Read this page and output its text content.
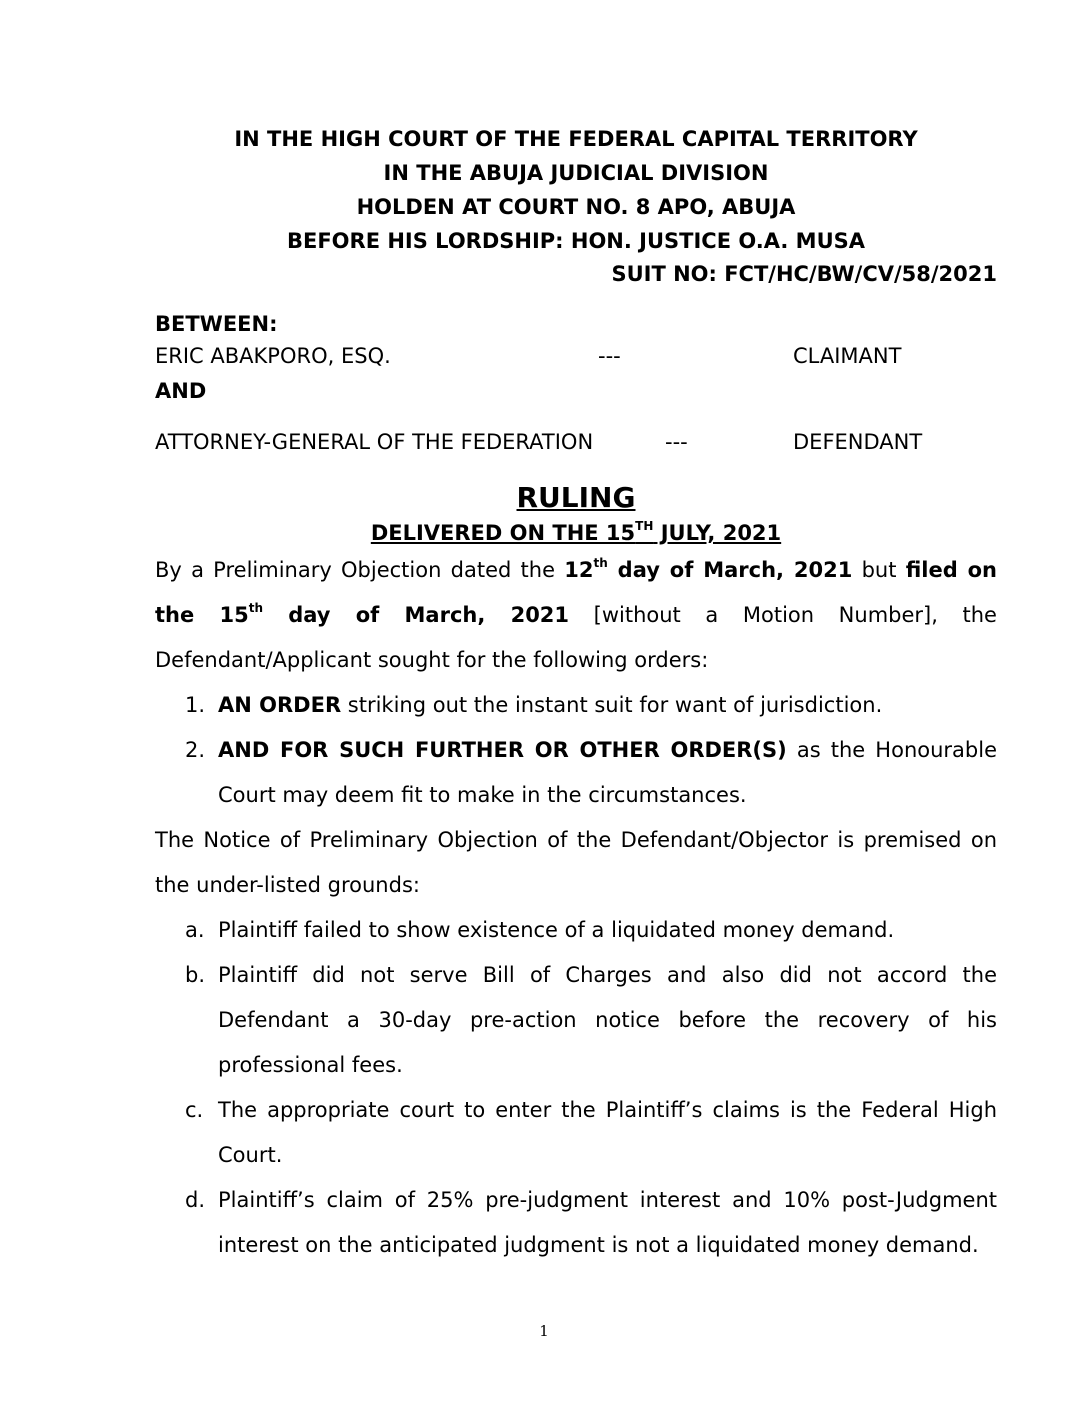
IN THE HIGH COURT OF THE FEDERAL CAPITAL TERRITORY
IN THE ABUJA JUDICIAL DIVISION
HOLDEN AT COURT NO. 8 APO, ABUJA
BEFORE HIS LORDSHIP: HON. JUSTICE O.A. MUSA
SUIT NO: FCT/HC/BW/CV/58/2021
BETWEEN:
ERIC ABAKPORO, ESQ.	---	CLAIMANT
AND
ATTORNEY-GENERAL OF THE FEDERATION	---	DEFENDANT
RULING
DELIVERED ON THE 15TH JULY, 2021
By a Preliminary Objection dated the 12th day of March, 2021 but filed on the 15th day of March, 2021 [without a Motion Number], the Defendant/Applicant sought for the following orders:
1. AN ORDER striking out the instant suit for want of jurisdiction.
2. AND FOR SUCH FURTHER OR OTHER ORDER(S) as the Honourable Court may deem fit to make in the circumstances.
The Notice of Preliminary Objection of the Defendant/Objector is premised on the under-listed grounds:
a. Plaintiff failed to show existence of a liquidated money demand.
b. Plaintiff did not serve Bill of Charges and also did not accord the Defendant a 30-day pre-action notice before the recovery of his professional fees.
c. The appropriate court to enter the Plaintiff’s claims is the Federal High Court.
d. Plaintiff’s claim of 25% pre-judgment interest and 10% post-Judgment interest on the anticipated judgment is not a liquidated money demand.
1
